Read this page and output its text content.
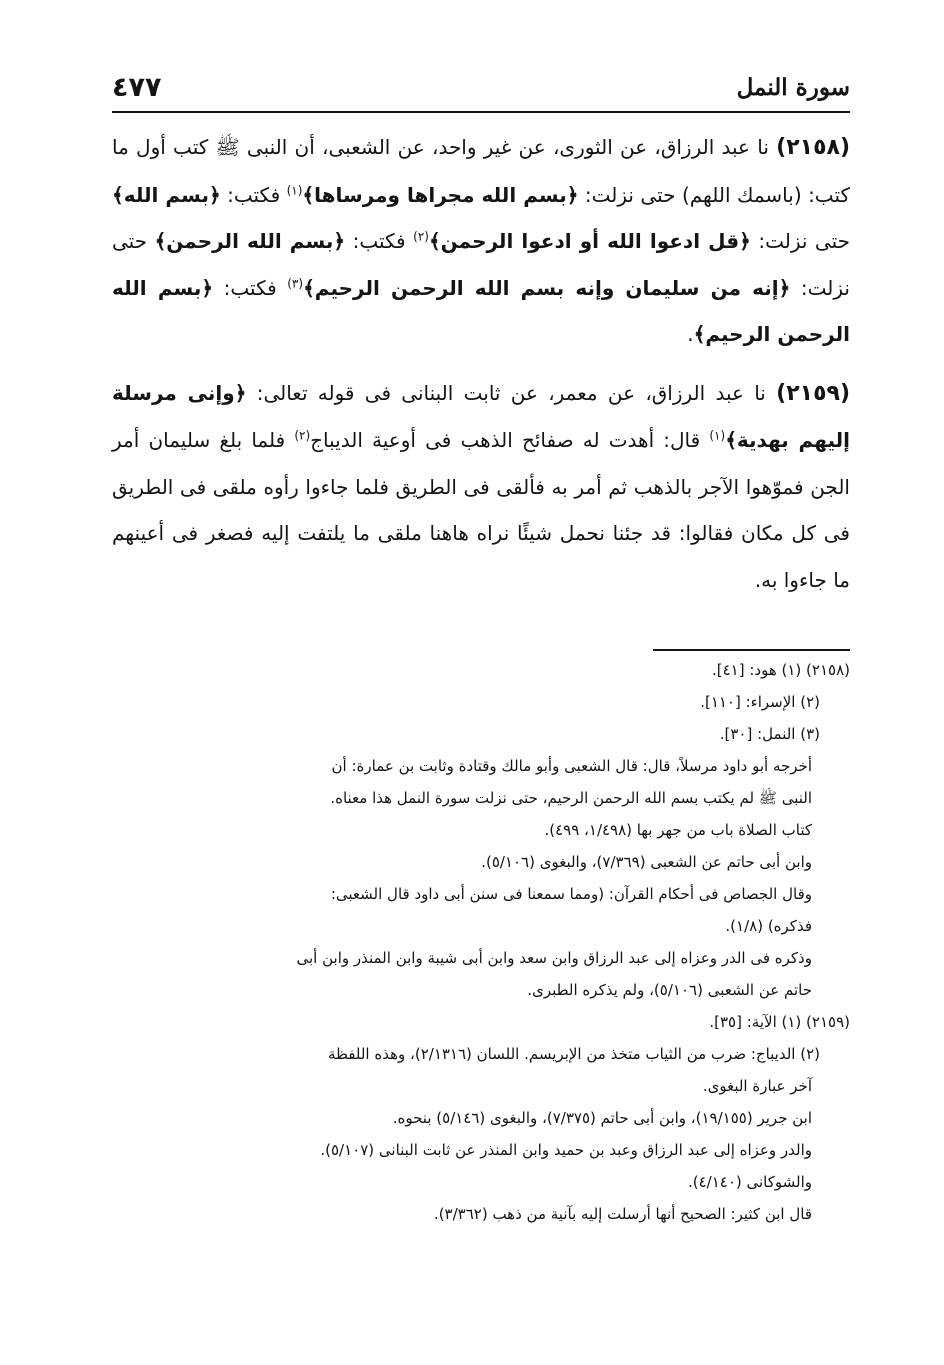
٤٧٧	سورة النمل

(٢١٥٨) نا عبد الرزاق، عن الثورى، عن غير واحد، عن الشعبى، أن النبى ﷺ كتب أول ما كتب: (باسمك اللهم) حتى نزلت: ﴿بسم الله مجراها ومرساها﴾$^{(١)}$ فكتب: ﴿بسم الله﴾ حتى نزلت: ﴿قل ادعوا الله أو ادعوا الرحمن﴾$^{(٢)}$ فكتب: ﴿بسم الله الرحمن﴾ حتى نزلت: ﴿إنه من سليمان وإنه بسم الله الرحمن الرحيم﴾$^{(٣)}$ فكتب: ﴿بسم الله الرحمن الرحيم﴾.

(٢١٥٩) نا عبد الرزاق، عن معمر، عن ثابت البنانى فى قوله تعالى: ﴿وإنى مرسلة إليهم بهدية﴾$^{(١)}$ قال: أهدت له صفائح الذهب فى أوعية الديباج$^{(٢)}$ فلما بلغ سليمان أمر الجن فموّهوا الآجر بالذهب ثم أمر به فألقى فى الطريق فلما جاءوا رأوه ملقى فى الطريق فى كل مكان فقالوا: قد جئنا نحمل شيئًا نراه هاهنا ملقى ما يلتفت إليه فصغر فى أعينهم ما جاءوا به.

(٢١٥٨) (١) هود: [٤١].

(٢) الإسراء: [١١٠].

(٣) النمل: [٣٠].

أخرجه أبو داود مرسلاً، قال: قال الشعبى وأبو مالك وقتادة وثابت بن عمارة: أن

النبى ﷺ لم يكتب بسم الله الرحمن الرحيم، حتى نزلت سورة النمل هذا معناه.

كتاب الصلاة باب من جهر بها (١/٤٩٨، ٤٩٩).

وابن أبى حاتم عن الشعبى (٧/٣٦٩)، والبغوى (٥/١٠٦).

وقال الجصاص فى أحكام القرآن: (ومما سمعنا فى سنن أبى داود قال الشعبى:

فذكره) (١/٨).

وذكره فى الدر وعزاه إلى عبد الرزاق وابن سعد وابن أبى شيبة وابن المنذر وابن أبى

حاتم عن الشعبى (٥/١٠٦)، ولم يذكره الطبرى.

(٢١٥٩) (١) الآية: [٣٥].

(٢) الديباج: ضرب من الثياب متخذ من الإبريسم. اللسان (٢/١٣١٦)، وهذه اللفظة

آخر عبارة البغوى.

ابن جرير (١٩/١٥٥)، وابن أبى حاتم (٧/٣٧٥)، والبغوى (٥/١٤٦) بنحوه.

والدر وعزاه إلى عبد الرزاق وعبد بن حميد وابن المنذر عن ثابت البنانى (٥/١٠٧).

والشوكانى (٤/١٤٠).

قال ابن كثير: الصحيح أنها أرسلت إليه بآنية من ذهب (٣/٣٦٢).
